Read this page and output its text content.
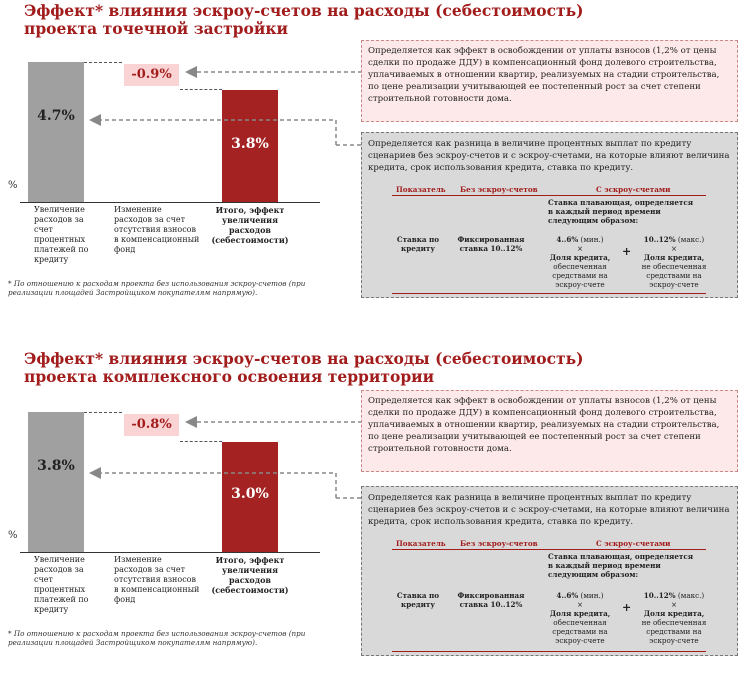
Эффект* влияния эскроу-счетов на расходы (себестоимость) проекта точечной застройки
4.7%
-0.9%
3.8%
%
Увеличение расходов за счет процентных платежей по кредиту
Изменение расходов за счет отсутствия взносов в компенсационный фонд
Итого, эффект увеличения расходов (себестоимости)
* По отношению к расходам проекта без использования эскроу-счетов (при реализации площадей Застройщиком покупателям напрямую).
Определяется как эффект в освобождении от уплаты взносов (1,2% от цены сделки по продаже ДДУ) в компенсационный фонд долевого строительства, уплачиваемых в отношении квартир, реализуемых на стадии строительства, по цене реализации учитывающей ее постепенный рост за счет степени строительной готовности дома.
Определяется как разница в величине процентных выплат по кредиту сценариев без эскроу-счетов и с эскроу-счетами, на которые влияют величина кредита, срок использования кредита, ставка по кредиту.
Показатель Без эскроу-счетов	С эскроу-счетами
Ставка плавающая, определяется в каждый период времени следующим образом:
Ставка по кредиту
Фиксированная ставка 10..12%
4..6% (мин.)
×
Доля кредита,
обеспеченная средствами на эскроу-счете
+
10..12% (макс.)
×
Доля кредита,
не обеспеченная средствами на эскроу-счете
Эффект* влияния эскроу-счетов на расходы (себестоимость) проекта комплексного освоения территории
3.8%
-0.8%
3.0%
%
Увеличение расходов за счет процентных платежей по кредиту
Изменение расходов за счет отсутствия взносов в компенсационный фонд
Итого, эффект увеличения расходов (себестоимости)
* По отношению к расходам проекта без использования эскроу-счетов (при реализации площадей Застройщиком покупателям напрямую).
Определяется как эффект в освобождении от уплаты взносов (1,2% от цены сделки по продаже ДДУ) в компенсационный фонд долевого строительства, уплачиваемых в отношении квартир, реализуемых на стадии строительства, по цене реализации учитывающей ее постепенный рост за счет степени строительной готовности дома.
Определяется как разница в величине процентных выплат по кредиту сценариев без эскроу-счетов и с эскроу-счетами, на которые влияют величина кредита, срок использования кредита, ставка по кредиту.
Показатель Без эскроу-счетов	С эскроу-счетами
Ставка плавающая, определяется в каждый период времени следующим образом:
Ставка по кредиту
Фиксированная ставка 10..12%
4..6% (мин.)
×
Доля кредита,
обеспеченная средствами на эскроу-счете
+
10..12% (макс.)
×
Доля кредита,
не обеспеченная средствами на эскроу-счете
